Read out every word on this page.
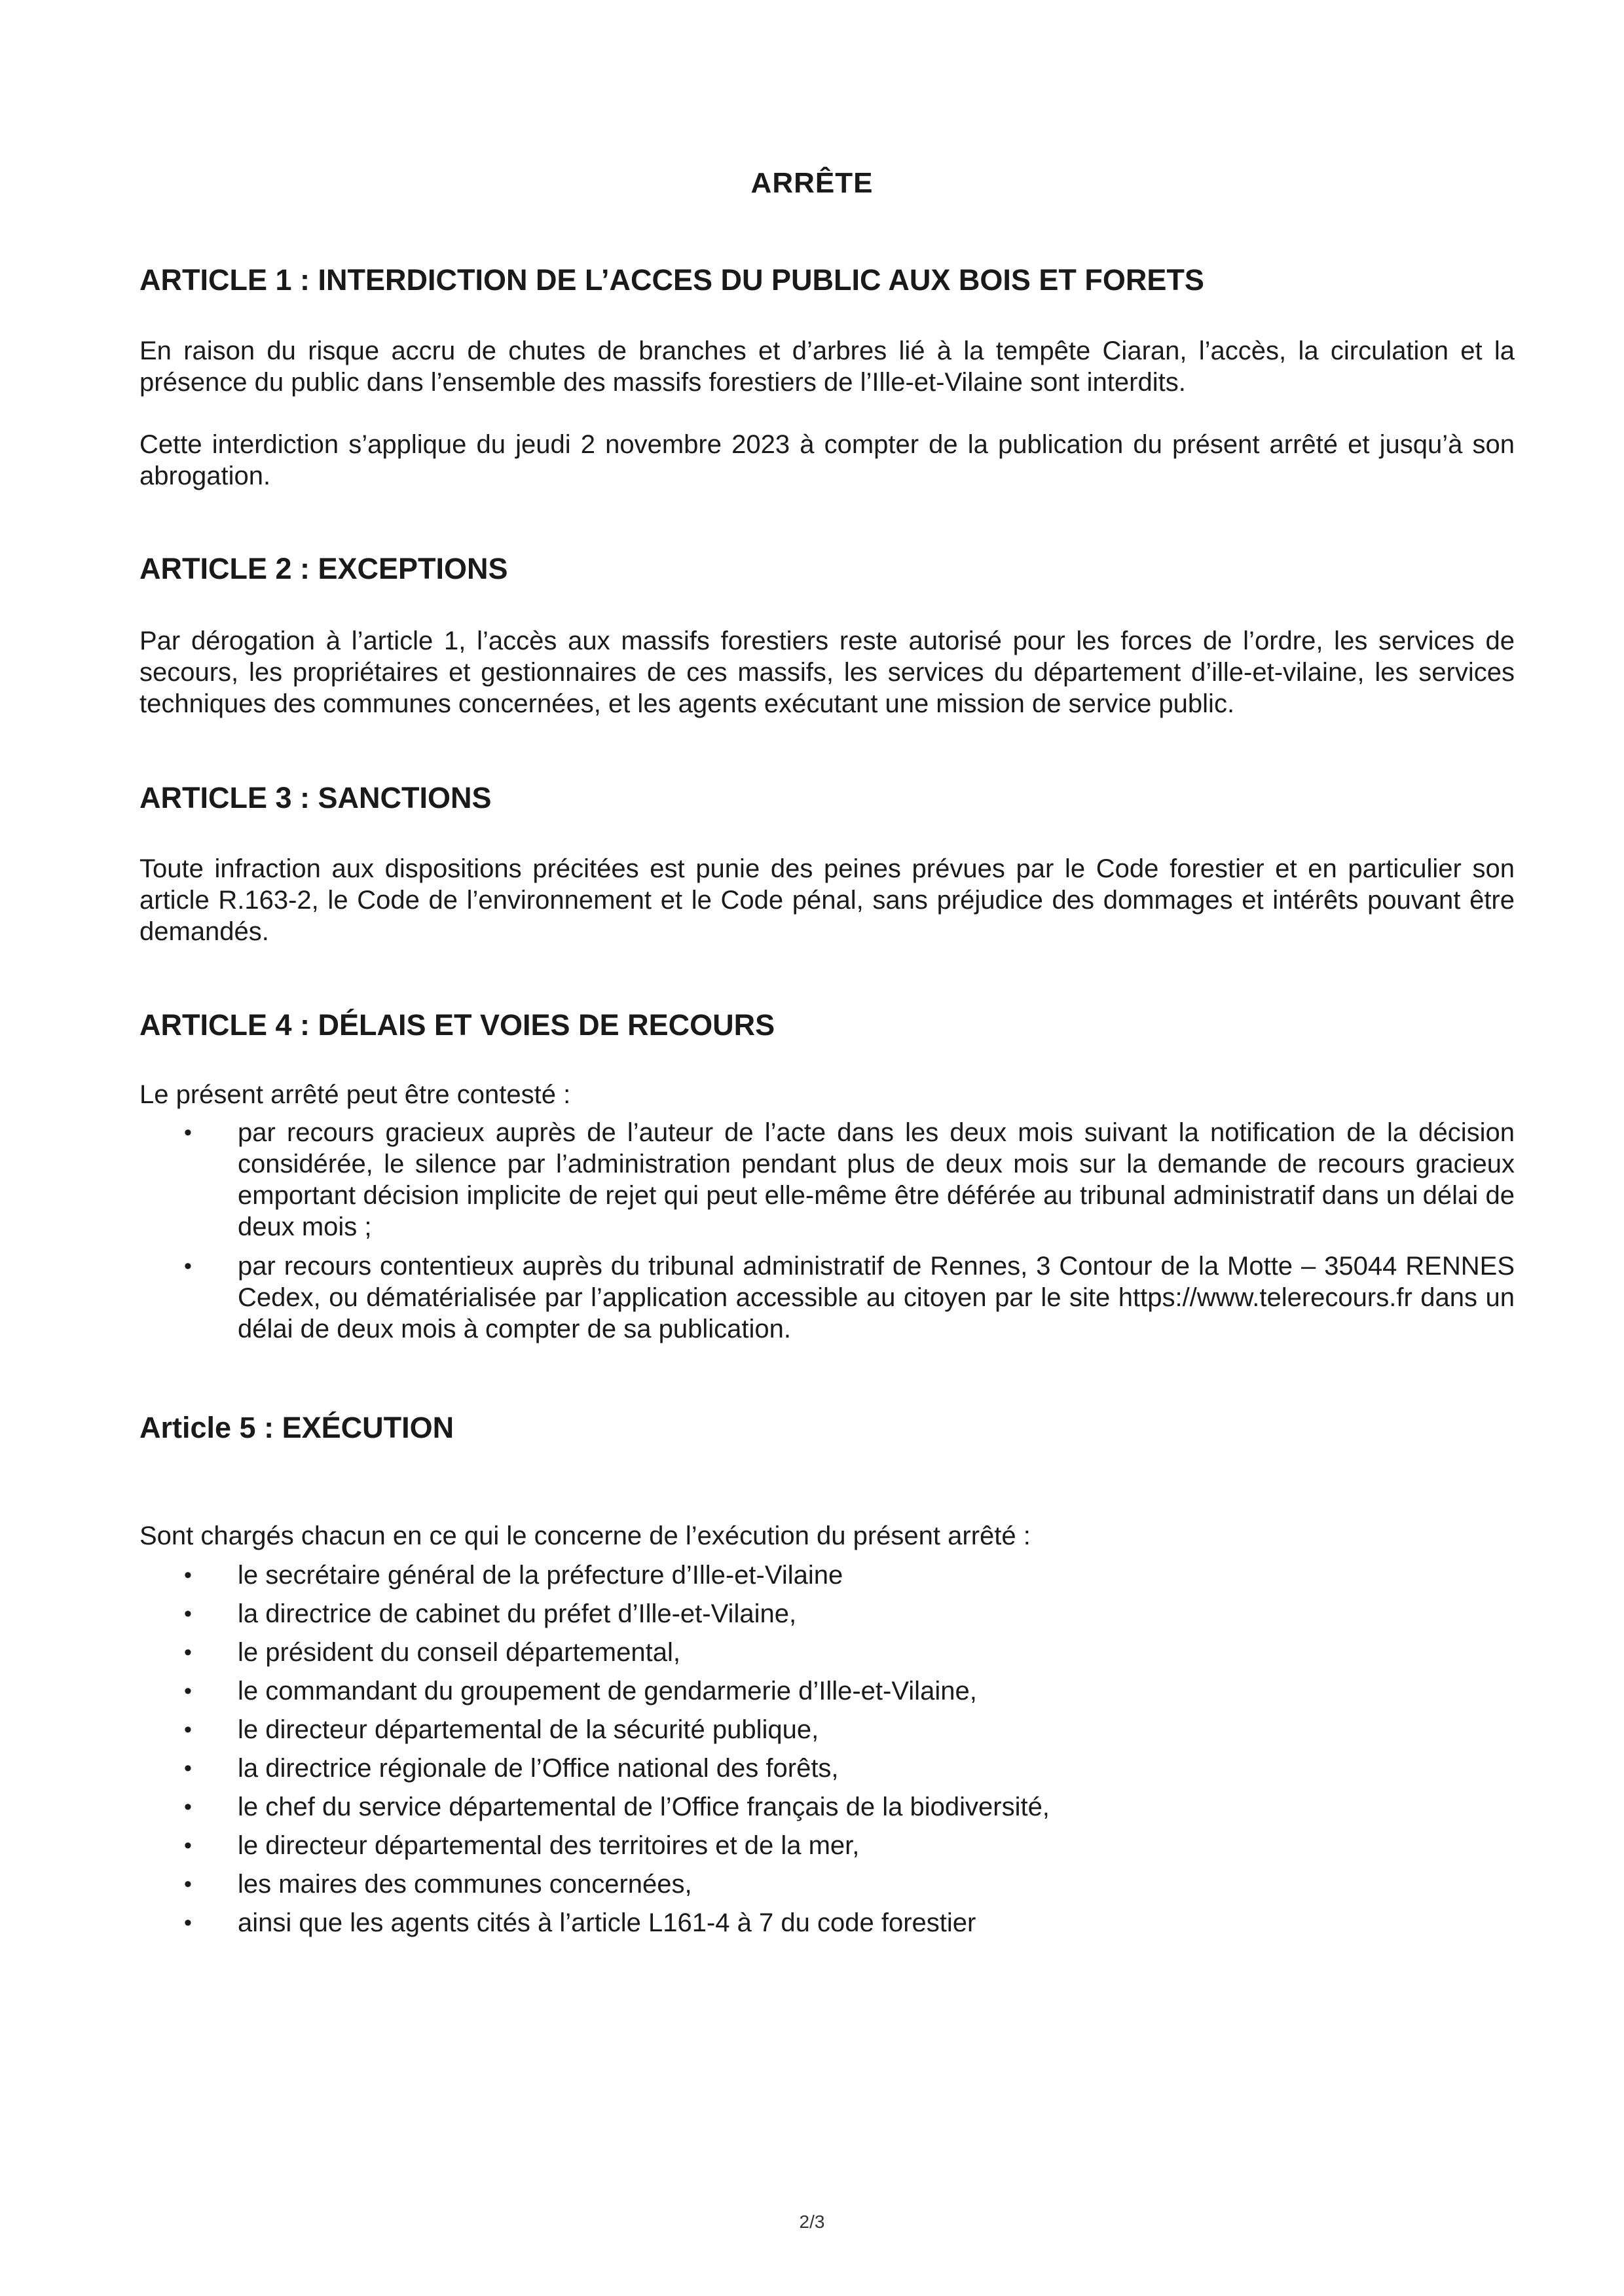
ARRÊTE
ARTICLE 1 : INTERDICTION DE L’ACCES DU PUBLIC AUX BOIS ET FORETS
En raison du risque accru de chutes de branches et d’arbres lié à la tempête Ciaran, l’accès, la circulation et la présence du public dans l’ensemble des massifs forestiers de l’Ille-et-Vilaine sont interdits.
Cette interdiction s’applique du jeudi 2 novembre 2023 à compter de la publication du présent arrêté et jusqu’à son abrogation.
ARTICLE 2 : EXCEPTIONS
Par dérogation à l’article 1, l’accès aux massifs forestiers reste autorisé pour les forces de l’ordre, les services de secours, les propriétaires et gestionnaires de ces massifs, les services du département d’ille-et-vilaine, les services techniques des communes concernées, et les agents exécutant une mission de service public.
ARTICLE 3 : SANCTIONS
Toute infraction aux dispositions précitées est punie des peines prévues par le Code forestier et en particulier son article R.163-2, le Code de l’environnement et le Code pénal, sans préjudice des dommages et intérêts pouvant être demandés.
ARTICLE 4 : DÉLAIS ET VOIES DE RECOURS
Le présent arrêté peut être contesté :
• par recours gracieux auprès de l’auteur de l’acte dans les deux mois suivant la notification de la décision considérée, le silence par l’administration pendant plus de deux mois sur la demande de recours gracieux emportant décision implicite de rejet qui peut elle-même être déférée au tribunal administratif dans un délai de deux mois ;
• par recours contentieux auprès du tribunal administratif de Rennes, 3 Contour de la Motte – 35044 RENNES Cedex, ou dématérialisée par l’application accessible au citoyen par le site https://www.telerecours.fr dans un délai de deux mois à compter de sa publication.
Article 5 : EXÉCUTION
Sont chargés chacun en ce qui le concerne de l’exécution du présent arrêté :
• le secrétaire général de la préfecture d’Ille-et-Vilaine
• la directrice de cabinet du préfet d’Ille-et-Vilaine,
• le président du conseil départemental,
• le commandant du groupement de gendarmerie d’Ille-et-Vilaine,
• le directeur départemental de la sécurité publique,
• la directrice régionale de l’Office national des forêts,
• le chef du service départemental de l’Office français de la biodiversité,
• le directeur départemental des territoires et de la mer,
• les maires des communes concernées,
• ainsi que les agents cités à l’article L161-4 à 7 du code forestier
2/3
